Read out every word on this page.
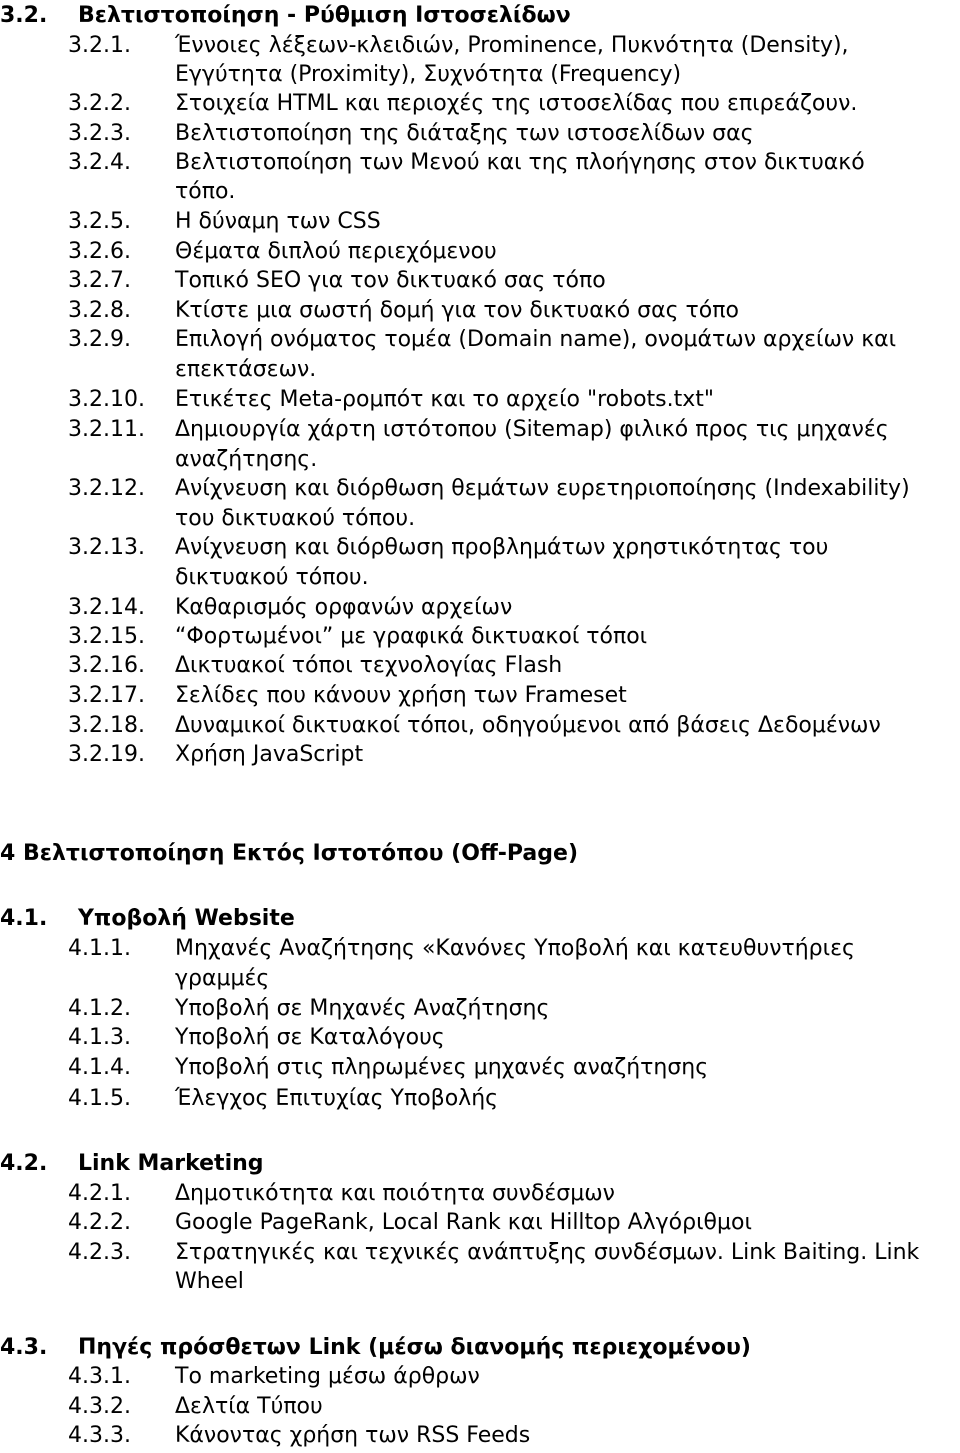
3.2. Βελτιστοποίηση - Ρύθμιση Ιστοσελίδων
3.2.1. Έννοιες λέξεων-κλειδιών, Prominence, Πυκνότητα (Density),
Εγγύτητα (Proximity), Συχνότητα (Frequency)
3.2.2. Στοιχεία HTML και περιοχές της ιστοσελίδας που επιρεάζουν.
3.2.3. Βελτιστοποίηση της διάταξης των ιστοσελίδων σας
3.2.4. Βελτιστοποίηση των Μενού και της πλοήγησης στον δικτυακό
τόπο.
3.2.5. Η δύναμη των CSS
3.2.6. Θέματα διπλού περιεχόμενου
3.2.7. Τοπικό SEO για τον δικτυακό σας τόπο
3.2.8. Κτίστε μια σωστή δομή για τον δικτυακό σας τόπο
3.2.9. Επιλογή ονόματος τομέα (Domain name), ονομάτων αρχείων και
επεκτάσεων.
3.2.10. Ετικέτες Meta-ρομπότ και το αρχείο "robots.txt"
3.2.11. Δημιουργία χάρτη ιστότοπου (Sitemap) φιλικό προς τις μηχανές
αναζήτησης.
3.2.12. Ανίχνευση και διόρθωση θεμάτων ευρετηριοποίησης (Indexability)
του δικτυακού τόπου.
3.2.13. Ανίχνευση και διόρθωση προβλημάτων χρηστικότητας του
δικτυακού τόπου.
3.2.14. Καθαρισμός ορφανών αρχείων
3.2.15. “Φορτωμένοι” με γραφικά δικτυακοί τόποι
3.2.16. Δικτυακοί τόποι τεχνολογίας Flash
3.2.17. Σελίδες που κάνουν χρήση των Frameset
3.2.18. Δυναμικοί δικτυακοί τόποι, οδηγούμενοι από βάσεις Δεδομένων
3.2.19. Χρήση JavaScript
4 Βελτιστοποίηση Εκτός Ιστοτόπου (Off-Page)
4.1. Υποβολή Website
4.1.1. Μηχανές Αναζήτησης «Κανόνες Υποβολή και κατευθυντήριες
γραμμές
4.1.2. Υποβολή σε Μηχανές Αναζήτησης
4.1.3. Υποβολή σε Καταλόγους
4.1.4. Υποβολή στις πληρωμένες μηχανές αναζήτησης
4.1.5. Έλεγχος Επιτυχίας Υποβολής
4.2. Link Marketing
4.2.1. Δημοτικότητα και ποιότητα συνδέσμων
4.2.2. Google PageRank, Local Rank και Hilltop Αλγόριθμοι
4.2.3. Στρατηγικές και τεχνικές ανάπτυξης συνδέσμων. Link Baiting. Link
Wheel
4.3. Πηγές πρόσθετων Link (μέσω διανομής περιεχομένου)
4.3.1. Το marketing μέσω άρθρων
4.3.2. Δελτία Τύπου
4.3.3. Κάνοντας χρήση των RSS Feeds
